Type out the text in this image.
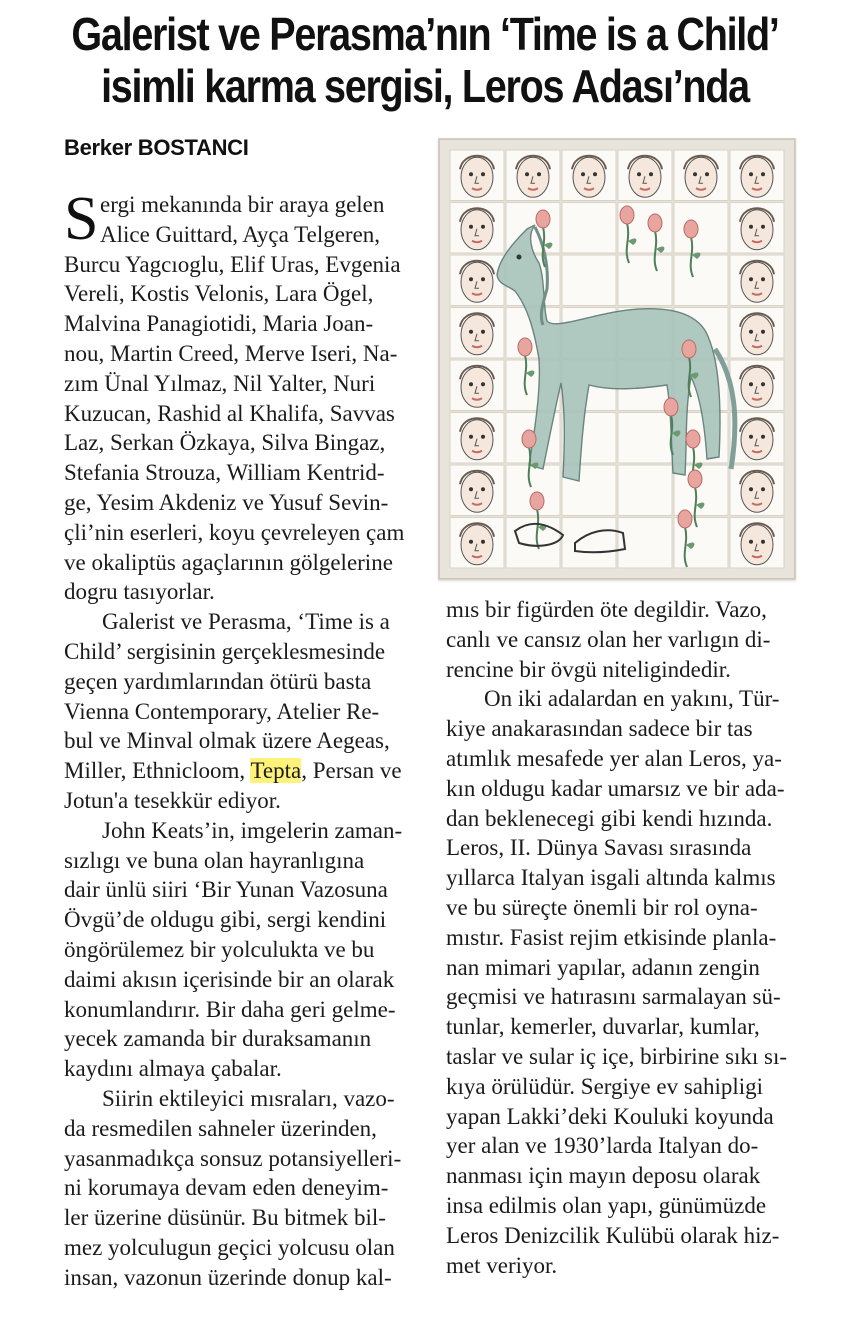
Galerist ve Perasma’nın ‘Time is a Child’
isimli karma sergisi, Leros Adası’nda
Berker BOSTANCI
S ergi mekanında bir araya gelen
Alice Guittard, Ayça Telgeren,
Burcu Yagcıoglu, Elif Uras, Evgenia
Vereli, Kostis Velonis, Lara Ögel,
Malvina Panagiotidi, Maria Joan-
nou, Martin Creed, Merve Iseri, Na-
zım Ünal Yılmaz, Nil Yalter, Nuri
Kuzucan, Rashid al Khalifa, Savvas
Laz, Serkan Özkaya, Silva Bingaz,
Stefania Strouza, William Kentrid-
ge, Yesim Akdeniz ve Yusuf Sevin-
çli’nin eserleri, koyu çevreleyen çam
ve okaliptüs agaçlarının gölgelerine
dogru tasıyorlar.
Galerist ve Perasma, ‘Time is a
Child’ sergisinin gerçeklesmesinde
geçen yardımlarından ötürü basta
Vienna Contemporary, Atelier Re-
bul ve Minval olmak üzere Aegeas,
Miller, Ethnicloom, Tepta, Persan ve
Jotun'a tesekkür ediyor.
John Keats’in, imgelerin zaman-
sızlıgı ve buna olan hayranlıgına
dair ünlü siiri ‘Bir Yunan Vazosuna
Övgü’de oldugu gibi, sergi kendini
öngörülemez bir yolculukta ve bu
daimi akısın içerisinde bir an olarak
konumlandırır. Bir daha geri gelme-
yecek zamanda bir duraksamanın
kaydını almaya çabalar.
Siirin ektileyici mısraları, vazo-
da resmedilen sahneler üzerinden,
yasanmadıkça sonsuz potansiyelleri-
ni korumaya devam eden deneyim-
ler üzerine düsünür. Bu bitmek bil-
mez yolculugun geçici yolcusu olan
insan, vazonun üzerinde donup kal-
mıs bir figürden öte degildir. Vazo,
canlı ve cansız olan her varlıgın di-
rencine bir övgü niteligindedir.
On iki adalardan en yakını, Tür-
kiye anakarasından sadece bir tas
atımlık mesafede yer alan Leros, ya-
kın oldugu kadar umarsız ve bir ada-
dan beklenecegi gibi kendi hızında.
Leros, II. Dünya Savası sırasında
yıllarca Italyan isgali altında kalmıs
ve bu süreçte önemli bir rol oyna-
mıstır. Fasist rejim etkisinde planla-
nan mimari yapılar, adanın zengin
geçmisi ve hatırasını sarmalayan sü-
tunlar, kemerler, duvarlar, kumlar,
taslar ve sular iç içe, birbirine sıkı sı-
kıya örülüdür. Sergiye ev sahipligi
yapan Lakki’deki Kouluki koyunda
yer alan ve 1930’larda Italyan do-
nanması için mayın deposu olarak
insa edilmis olan yapı, günümüzde
Leros Denizcilik Kulübü olarak hiz-
met veriyor.
